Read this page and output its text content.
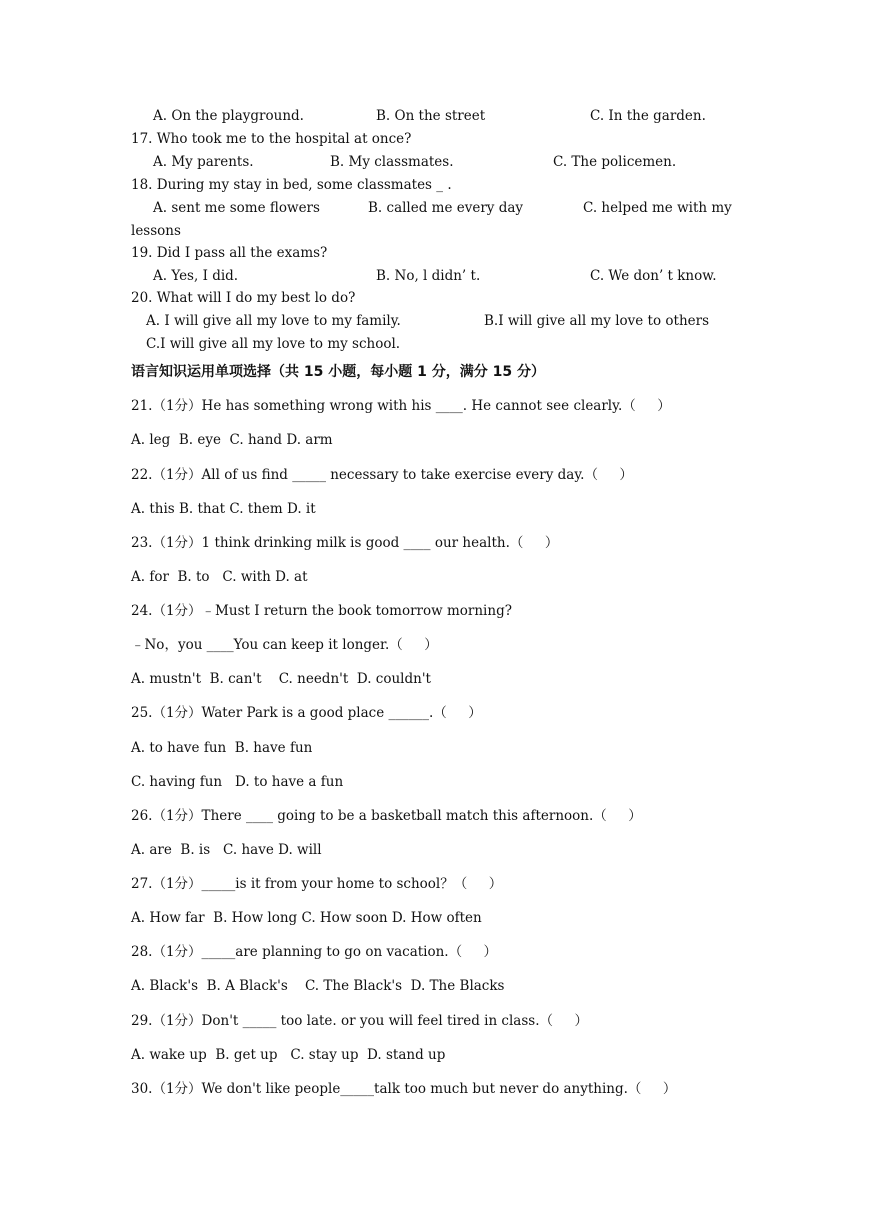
A. On the playground.	B. On the street	C. In the garden.
17. Who took me to the hospital at once?
A. My parents.	B. My classmates.	C. The policemen.
18. During my stay in bed, some classmates _ .
A. sent me some flowers	B. called me every day	C. helped me with my
lessons
19. Did I pass all the exams?
A. Yes, I did.	B. No, l didn’ t.	C. We don’ t know.
20. What will I do my best lo do?
A. I will give all my love to my family.	B.I will give all my love to others
C.I will give all my love to my school.
语言知识运用单项选择（共 15 小题，每小题 1 分，满分 15 分）
21.（1分）He has something wrong with his ____. He cannot see clearly.（     ）
A. leg  B. eye  C. hand D. arm
22.（1分）All of us find _____ necessary to take exercise every day.（     ）
A. this B. that C. them D. it
23.（1分）1 think drinking milk is good ____ our health.（     ）
A. for  B. to   C. with D. at
24.（1分）﹣Must I return the book tomorrow morning?
﹣No，you ____You can keep it longer.（     ）
A. mustn't  B. can't    C. needn't  D. couldn't
25.（1分）Water Park is a good place ______.（     ）
A. to have fun  B. have fun
C. having fun   D. to have a fun
26.（1分）There ____ going to be a basketball match this afternoon.（     ）
A. are  B. is   C. have D. will
27.（1分）_____is it from your home to school？（     ）
A. How far  B. How long C. How soon D. How often
28.（1分）_____are planning to go on vacation.（     ）
A. Black's  B. A Black's    C. The Black's  D. The Blacks
29.（1分）Don't _____ too late. or you will feel tired in class.（     ）
A. wake up  B. get up   C. stay up  D. stand up
30.（1分）We don't like people_____talk too much but never do anything.（     ）
